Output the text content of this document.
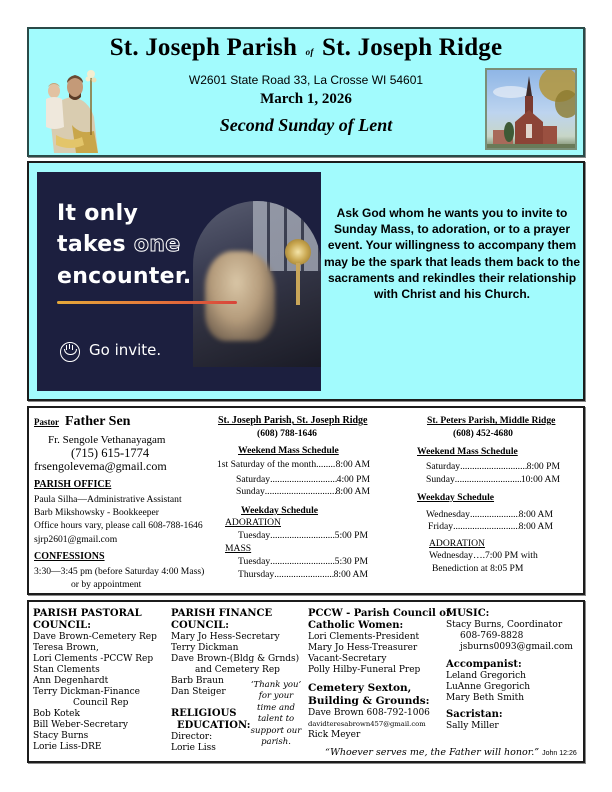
St. Joseph Parish of St. Joseph Ridge
W2601 State Road 33, La Crosse WI 54601
March 1, 2026
Second Sunday of Lent
It only
takes one
encounter.
Go invite.
Ask God whom he wants you to invite to Sunday Mass, to adoration, or to a prayer event. Your willingness to accompany them may be the spark that leads them back to the sacraments and rekindles their relationship with Christ and his Church.
Pastor Father Sen
Fr. Sengole Vethanayagam
(715) 615-1774
frsengolevema@gmail.com
PARISH OFFICE
Paula Silha—Administrative Assistant
Barb Mikshowsky - Bookkeeper
Office hours vary, please call 608-788-1646
sjrp2601@gmail.com
CONFESSIONS
3:30—3:45 pm (before Saturday 4:00 Mass)
or by appointment
St. Joseph Parish, St. Joseph Ridge
(608) 788-1646
Weekend Mass Schedule
1st Saturday of the month ..... 8:00 AM
Saturday .....	4:00 PM
Sunday .....	8:00 AM
Weekday Schedule
ADORATION
Tuesday .....	5:00 PM
MASS
Tuesday .....	5:30 PM
Thursday .....	8:00 AM
St. Peters Parish, Middle Ridge
(608) 452-4680
Weekend Mass Schedule
Saturday .....	8:00 PM
Sunday .....	10:00 AM
Weekday Schedule
Wednesday .....	8:00 AM
Friday .....	8:00 AM
ADORATION
Wednesday….7:00 PM with
Benediction at 8:05 PM
PARISH PASTORAL
COUNCIL:
Dave Brown-Cemetery Rep
Teresa Brown,
Lori Clements -PCCW Rep
Stan Clements
Ann Degenhardt
Terry Dickman-Finance
Council Rep
Bob Kotek
Bill Weber-Secretary
Stacy Burns
Lorie Liss-DRE
PARISH FINANCE
COUNCIL:
Mary Jo Hess-Secretary
Terry Dickman
Dave Brown-(Bldg & Grnds)
and Cemetery Rep
Barb Braun
Dan Steiger
RELIGIOUS
EDUCATION:
Director:
Lorie Liss
‘Thank you’
for your
time and
talent to
support our
parish.
PCCW - Parish Council of
Catholic Women:
Lori Clements-President
Mary Jo Hess-Treasurer
Vacant-Secretary
Polly Hilby-Funeral Prep
Cemetery Sexton,
Building & Grounds:
Dave Brown 608-792-1006
davidteresabrown457@gmail.com
Rick Meyer
MUSIC:
Stacy Burns, Coordinator
608-769-8828
jsburns0093@gmail.com
Accompanist:
Leland Gregorich
LuAnne Gregorich
Mary Beth Smith
Sacristan:
Sally Miller
“Whoever serves me, the Father will honor.” John 12:26
